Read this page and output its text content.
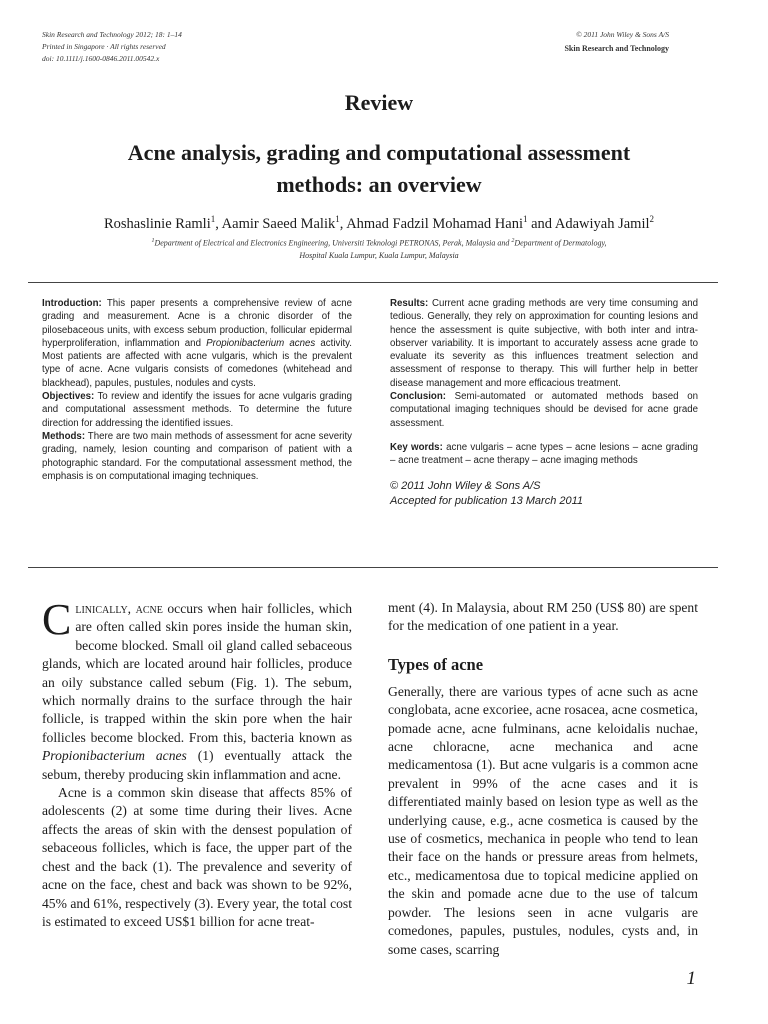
Skin Research and Technology 2012; 18: 1–14
Printed in Singapore · All rights reserved
doi: 10.1111/j.1600-0846.2011.00542.x
© 2011 John Wiley & Sons A/S
Skin Research and Technology
Review
Acne analysis, grading and computational assessment
methods: an overview
Roshaslinie Ramli$^1$, Aamir Saeed Malik$^1$, Ahmad Fadzil Mohamad Hani$^1$ and Adawiyah Jamil$^2$
$^1$Department of Electrical and Electronics Engineering, Universiti Teknologi PETRONAS, Perak, Malaysia and $^2$Department of Dermatology,
Hospital Kuala Lumpur, Kuala Lumpur, Malaysia

Introduction: This paper presents a comprehensive review of acne grading and measurement. Acne is a chronic disorder of the pilosebaceous units, with excess sebum production, follicular epidermal hyperproliferation, inflammation and Propionibacterium acnes activity. Most patients are affected with acne vulgaris, which is the prevalent type of acne. Acne vulgaris consists of comedones (whitehead and blackhead), papules, pustules, nodules and cysts.

Objectives: To review and identify the issues for acne vulgaris grading and computational assessment methods. To determine the future direction for addressing the identified issues.

Methods: There are two main methods of assessment for acne severity grading, namely, lesion counting and comparison of patient with a photographic standard. For the computational assessment method, the emphasis is on computational imaging techniques.

Results: Current acne grading methods are very time consuming and tedious. Generally, they rely on approximation for counting lesions and hence the assessment is quite subjective, with both inter and intra-observer variability. It is important to accurately assess acne grade to evaluate its severity as this influences treatment selection and assessment of response to therapy. This will further help in better disease management and more efficacious treatment.

Conclusion: Semi-automated or automated methods based on computational imaging techniques should be devised for acne grade assessment.

Key words: acne vulgaris – acne types – acne lesions – acne grading – acne treatment – acne therapy – acne imaging methods

© 2011 John Wiley & Sons A/S

Accepted for publication 13 March 2011

Clinically, acne occurs when hair follicles, which are often called skin pores inside the human skin, become blocked. Small oil gland called sebaceous glands, which are located around hair follicles, produce an oily substance called sebum (Fig. 1). The sebum, which normally drains to the surface through the hair follicle, is trapped within the skin pore when the hair follicles become blocked. From this, bacteria known as Propionibacterium acnes (1) eventually attack the sebum, thereby producing skin inflammation and acne.

Acne is a common skin disease that affects 85% of adolescents (2) at some time during their lives. Acne affects the areas of skin with the densest population of sebaceous follicles, which is face, the upper part of the chest and the back (1). The prevalence and severity of acne on the face, chest and back was shown to be 92%, 45% and 61%, respectively (3). Every year, the total cost is estimated to exceed US$1 billion for acne treat-

ment (4). In Malaysia, about RM 250 (US$ 80) are spent for the medication of one patient in a year.

Types of acne

Generally, there are various types of acne such as acne conglobata, acne excoriee, acne rosacea, acne cosmetica, pomade acne, acne fulminans, acne keloidalis nuchae, acne chloracne, acne mechanica and acne medicamentosa (1). But acne vulgaris is a common acne prevalent in 99% of the acne cases and it is differentiated mainly based on lesion type as well as the underlying cause, e.g., acne cosmetica is caused by the use of cosmetics, mechanica in people who tend to lean their face on the hands or pressure areas from helmets, etc., medicamentosa due to topical medicine applied on the skin and pomade acne due to the use of talcum powder. The lesions seen in acne vulgaris are comedones, papules, pustules, nodules, cysts and, in some cases, scarring

1
